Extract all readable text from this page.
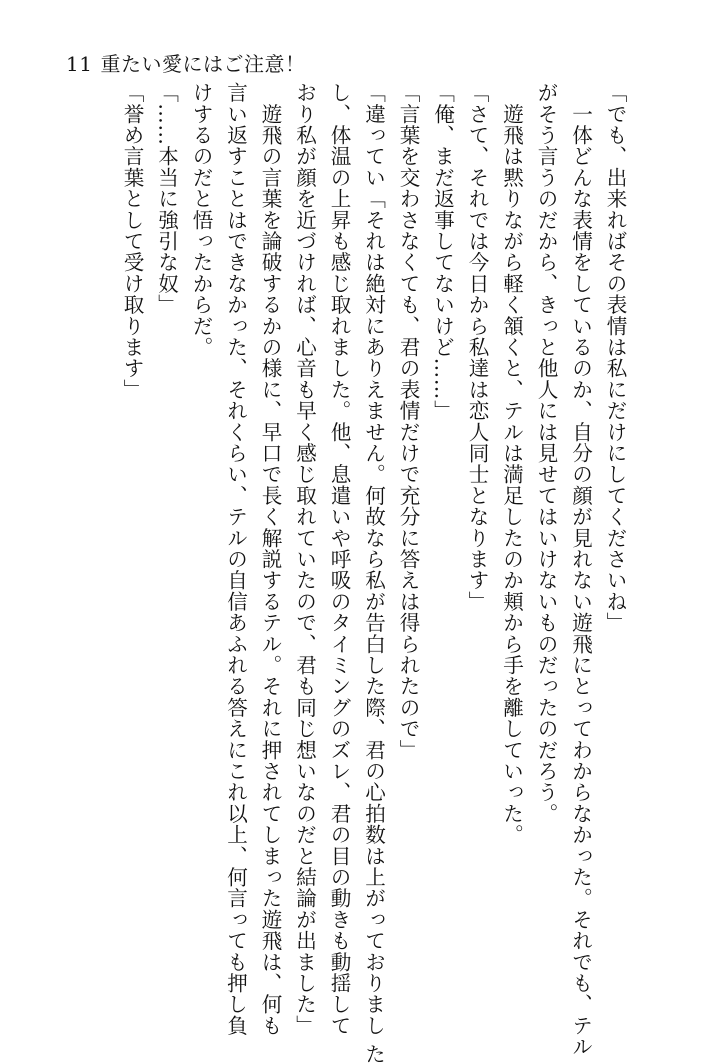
11 重たい愛にはご注意！

「でも、出来ればその表情は私にだけにしてくださいね」

　一体どんな表情をしているのか、自分の顔が見れない遊飛にとってわからなかった。それでも、テル

がそう言うのだから、きっと他人には見せてはいけないものだったのだろう。

　遊飛は黙りながら軽く頷くと、テルは満足したのか頬から手を離していった。

「さて、それでは今日から私達は恋人同士となります」

「俺、まだ返事してないけど……」

「言葉を交わさなくても、君の表情だけで充分に答えは得られたので」

「違ってい「それは絶対にありえません。何故なら私が告白した際、君の心拍数は上がっておりまし た

し、体温の上昇も感じ取れました。他、息遣いや呼吸のタイミングのズレ、君の目の動きも動揺して

おり私が顔を近づければ、心音も早く感じ取れていたので、君も同じ想いなのだと結論が出ました」

　遊飛の言葉を論破するかの様に、早口で長く解説するテル。それに押されてしまった遊飛は、何も

言い返すことはできなかった、それくらい、テルの自信あふれる答えにこれ以上、何言っても押し負

けするのだと悟ったからだ。

「……本当に強引な奴」

「誉め言葉として受け取ります」
